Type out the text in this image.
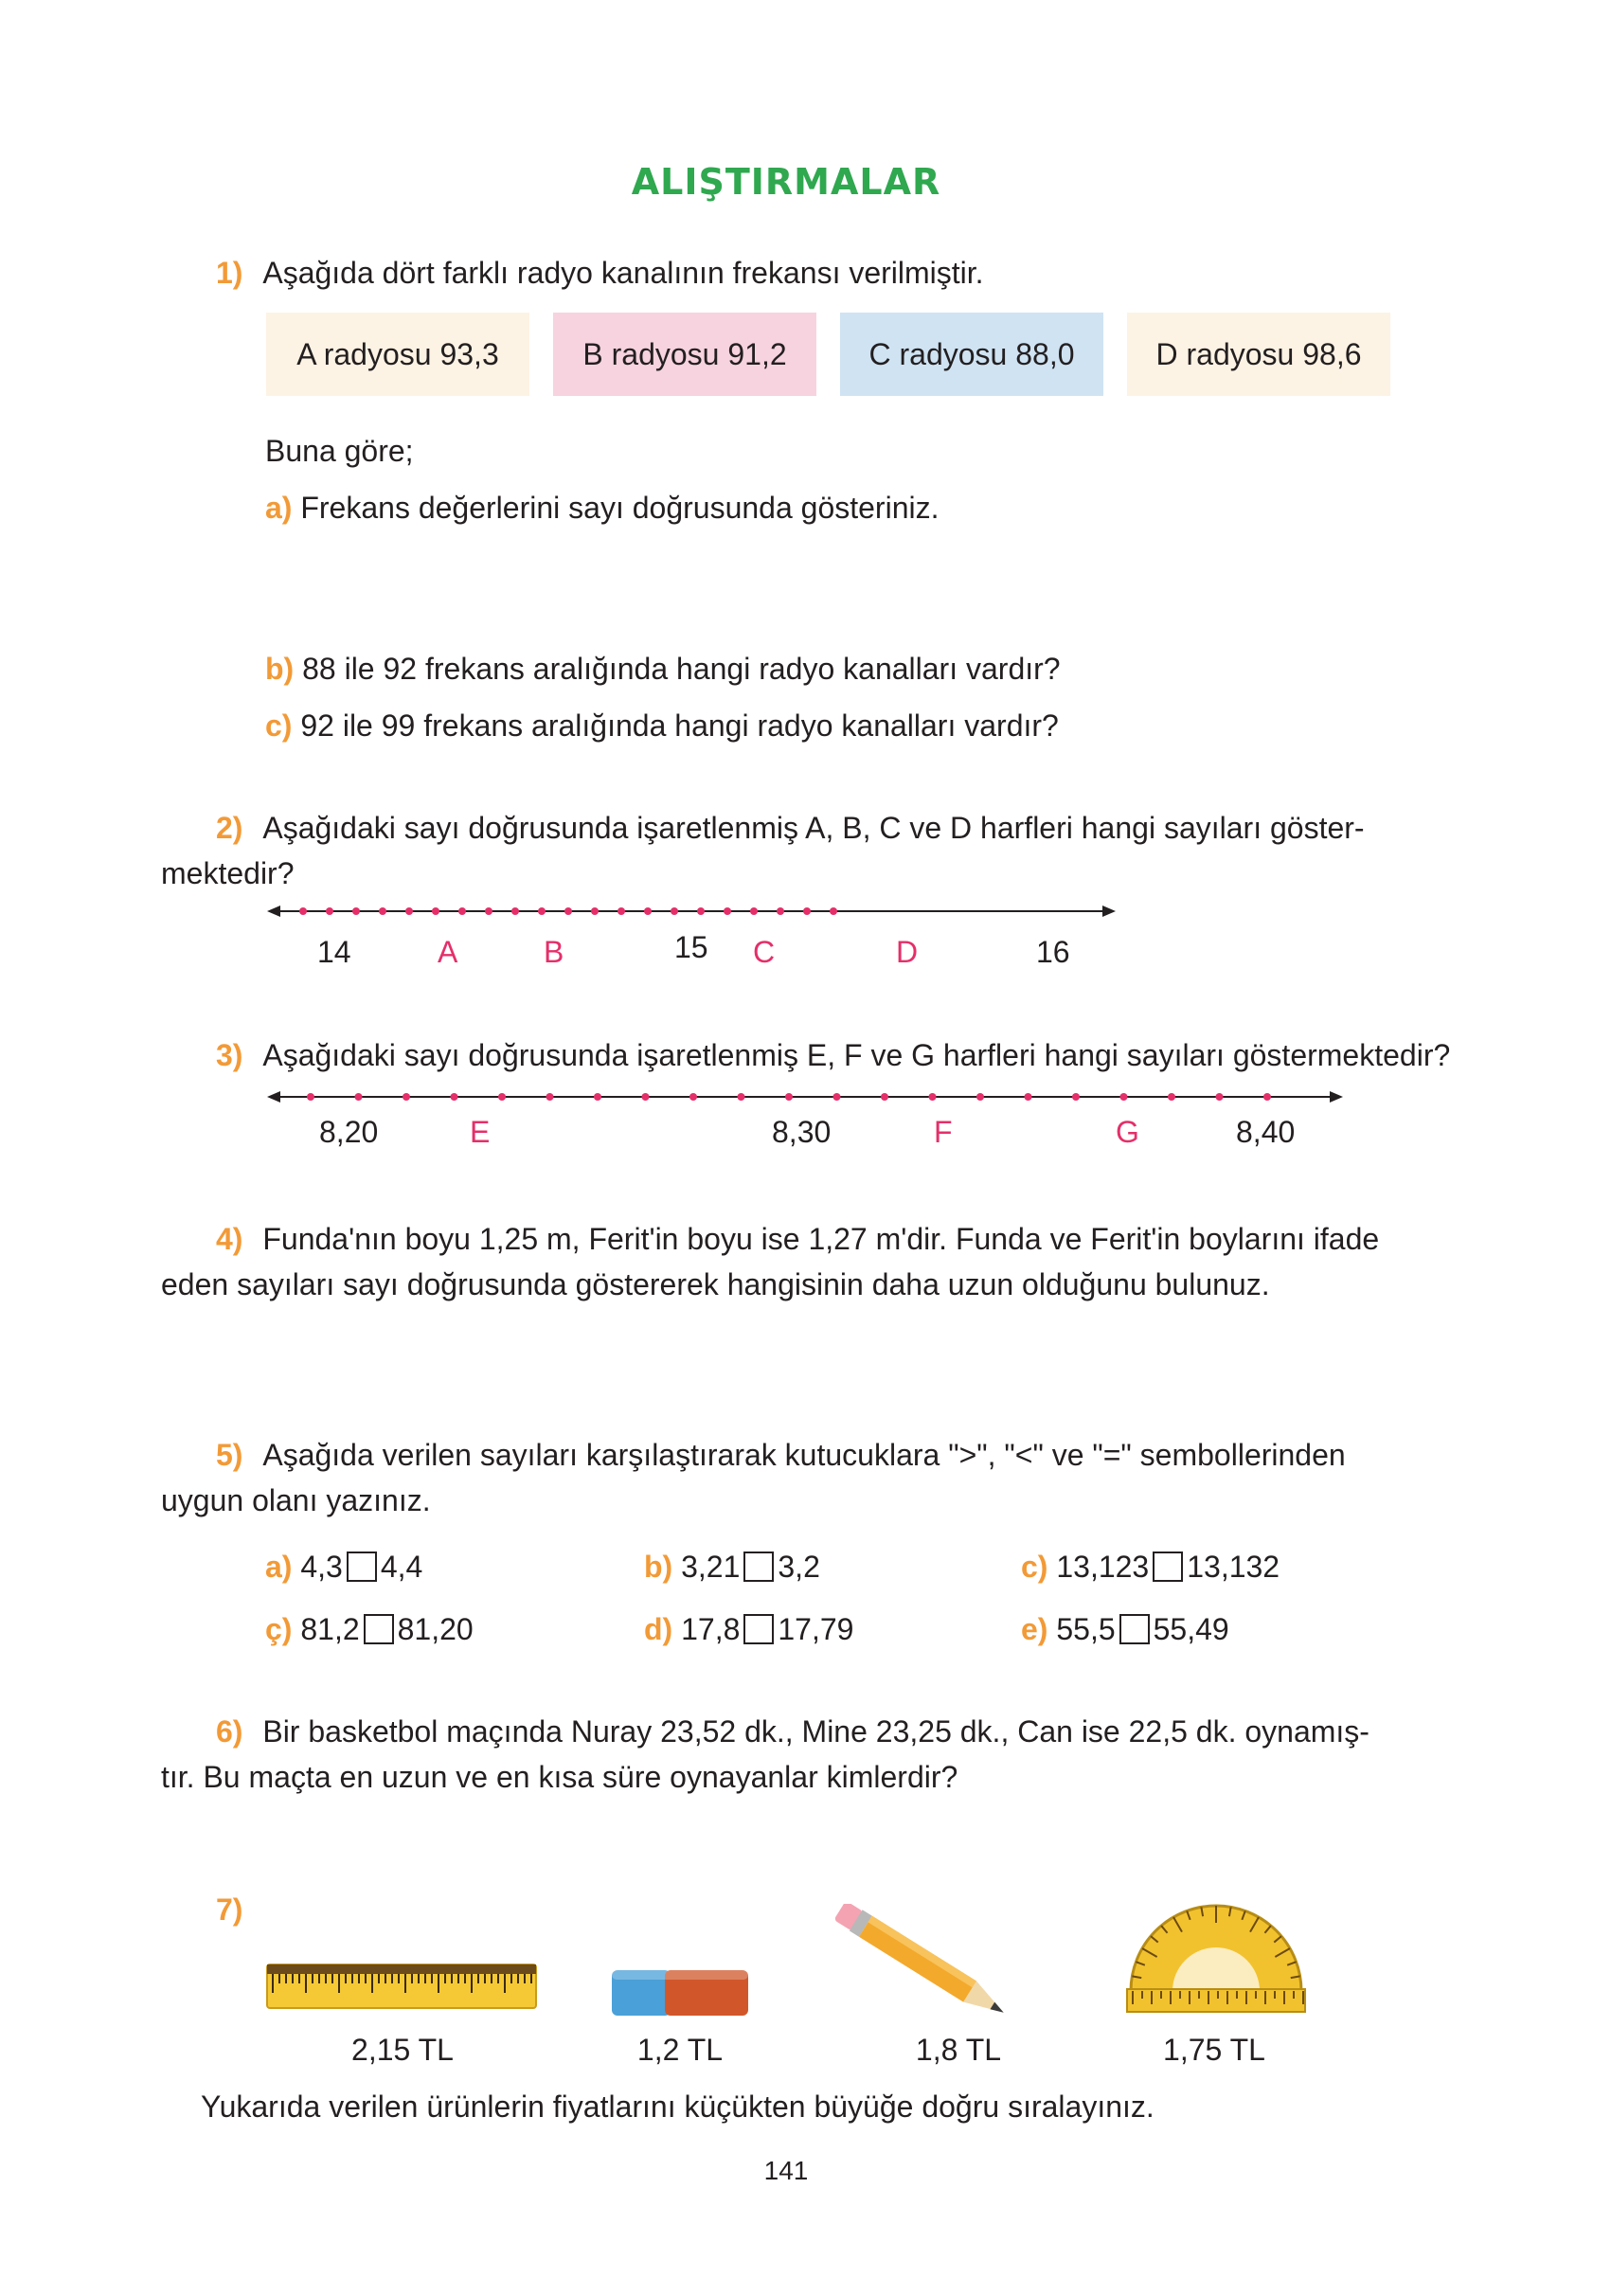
ALIŞTIRMALAR
1) Aşağıda dört farklı radyo kanalının frekansı verilmiştir.
A radyosu 93,3	B radyosu 91,2	C radyosu 88,0	D radyosu 98,6
Buna göre;
a) Frekans değerlerini sayı doğrusunda gösteriniz.
b) 88 ile 92 frekans aralığında hangi radyo kanalları vardır?
c) 92 ile 99 frekans aralığında hangi radyo kanalları vardır?
2) Aşağıdaki sayı doğrusunda işaretlenmiş A, B, C ve D harfleri hangi sayıları göster-
mektedir?
14	A	B	15 C	D	16
3) Aşağıdaki sayı doğrusunda işaretlenmiş E, F ve G harfleri hangi sayıları göstermektedir?
8,20	E	8,30	F	G	8,40
4) Funda'nın boyu 1,25 m, Ferit'in boyu ise 1,27 m'dir. Funda ve Ferit'in boylarını ifade
eden sayıları sayı doğrusunda göstererek hangisinin daha uzun olduğunu bulunuz.
5) Aşağıda verilen sayıları karşılaştırarak kutucuklara ">", "<" ve "=" sembollerinden
uygun olanı yazınız.
a) 4,3 4,4	b) 3,21 3,2	c) 13,123 13,132
ç) 81,2 81,20	d) 17,8 17,79	e) 55,5 55,49
6) Bir basketbol maçında Nuray 23,52 dk., Mine 23,25 dk., Can ise 22,5 dk. oynamış-
tır. Bu maçta en uzun ve en kısa süre oynayanlar kimlerdir?
7)
2,15 TL	1,2 TL	1,8 TL	1,75 TL
Yukarıda verilen ürünlerin fiyatlarını küçükten büyüğe doğru sıralayınız.
141
